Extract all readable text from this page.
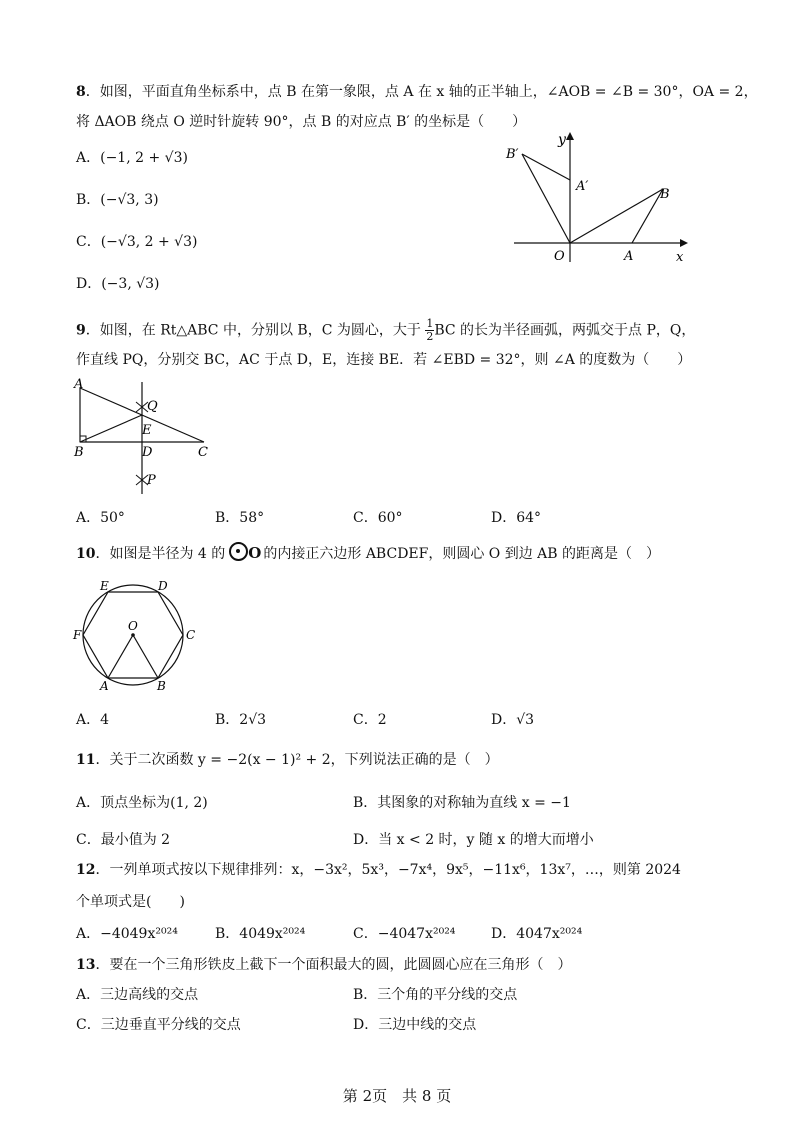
8．如图，平面直角坐标系中，点 B 在第一象限，点 A 在 x 轴的正半轴上，∠AOB = ∠B = 30°，OA = 2，
将 ΔAOB 绕点 O 逆时针旋转 90°，点 B 的对应点 B′ 的坐标是（　　）
A．(−1, 2 + √3)
B．(−√3, 3)
C．(−√3, 2 + √3)
D．(−3, √3)
y
x
O	A
B
B′
A′
9．如图，在 Rt△ABC 中，分别以 B，C 为圆心，大于 $\frac{1}{2}$ BC 的长为半径画弧，两弧交于点 P，Q，
作直线 PQ，分别交 BC，AC 于点 D，E，连接 BE．若 ∠EBD = 32°，则 ∠A 的度数为（　　）
A
B	C
D
E
Q
P
A．50°	B．58°	C．60°	D．64°
10．如图是半径为 4 的 O 的内接正六边形 ABCDEF，则圆心 O 到边 AB 的距离是（　）
O
A	B
C
D
E
F
A．4	B．2√3	C．2	D．√3
11．关于二次函数 y = −2(x − 1)² + 2，下列说法正确的是（　）
A．顶点坐标为(1, 2)	B．其图象的对称轴为直线 x = −1
C．最小值为 2	D．当 x < 2 时，y 随 x 的增大而增小
12．一列单项式按以下规律排列：x，−3x²，5x³，−7x⁴，9x⁵，−11x⁶，13x⁷，…，则第 2024
个单项式是(　　)
A．−4049x²⁰²⁴	B．4049x²⁰²⁴	C．−4047x²⁰²⁴	D．4047x²⁰²⁴
13．要在一个三角形铁皮上截下一个面积最大的圆，此圆圆心应在三角形（　）
A．三边高线的交点	B．三个角的平分线的交点
C．三边垂直平分线的交点	D．三边中线的交点
第 2页　共 8 页
